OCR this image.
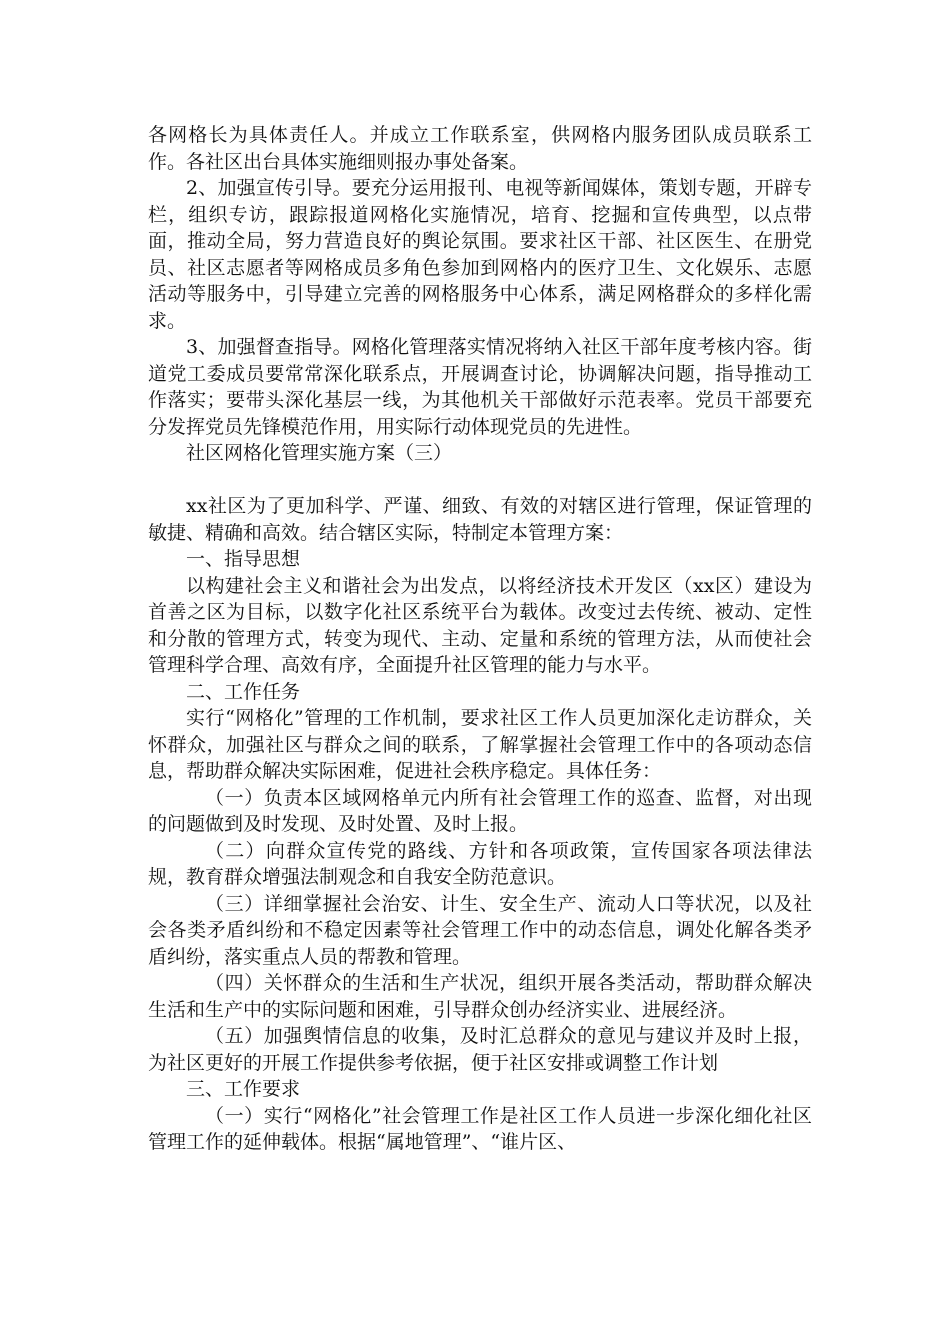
各网格长为具体责任人。并成立工作联系室，供网格内服务团队成员联系工作。各社区出台具体实施细则报办事处备案。

2、加强宣传引导。要充分运用报刊、电视等新闻媒体，策划专题，开辟专栏，组织专访，跟踪报道网格化实施情况，培育、挖掘和宣传典型，以点带面，推动全局，努力营造良好的舆论氛围。要求社区干部、社区医生、在册党员、社区志愿者等网格成员多角色参加到网格内的医疗卫生、文化娱乐、志愿活动等服务中，引导建立完善的网格服务中心体系，满足网格群众的多样化需求。

3、加强督查指导。网格化管理落实情况将纳入社区干部年度考核内容。街道党工委成员要常常深化联系点，开展调查讨论，协调解决问题，指导推动工作落实；要带头深化基层一线，为其他机关干部做好示范表率。党员干部要充分发挥党员先锋模范作用，用实际行动体现党员的先进性。

社区网格化管理实施方案（三）

xx社区为了更加科学、严谨、细致、有效的对辖区进行管理，保证管理的敏捷、精确和高效。结合辖区实际，特制定本管理方案：

一、指导思想

以构建社会主义和谐社会为出发点，以将经济技术开发区（xx区）建设为首善之区为目标，以数字化社区系统平台为载体。改变过去传统、被动、定性和分散的管理方式，转变为现代、主动、定量和系统的管理方法，从而使社会管理科学合理、高效有序，全面提升社区管理的能力与水平。

二、工作任务

实行“网格化”管理的工作机制，要求社区工作人员更加深化走访群众，关怀群众，加强社区与群众之间的联系，了解掌握社会管理工作中的各项动态信息，帮助群众解决实际困难，促进社会秩序稳定。具体任务：

（一）负责本区域网格单元内所有社会管理工作的巡查、监督，对出现的问题做到及时发现、及时处置、及时上报。

（二）向群众宣传党的路线、方针和各项政策，宣传国家各项法律法规，教育群众增强法制观念和自我安全防范意识。

（三）详细掌握社会治安、计生、安全生产、流动人口等状况，以及社会各类矛盾纠纷和不稳定因素等社会管理工作中的动态信息，调处化解各类矛盾纠纷，落实重点人员的帮教和管理。

（四）关怀群众的生活和生产状况，组织开展各类活动，帮助群众解决生活和生产中的实际问题和困难，引导群众创办经济实业、进展经济。

（五）加强舆情信息的收集，及时汇总群众的意见与建议并及时上报，为社区更好的开展工作提供参考依据，便于社区安排或调整工作计划

三、工作要求

（一）实行“网格化”社会管理工作是社区工作人员进一步深化细化社区管理工作的延伸载体。根据“属地管理”、“谁片区、
